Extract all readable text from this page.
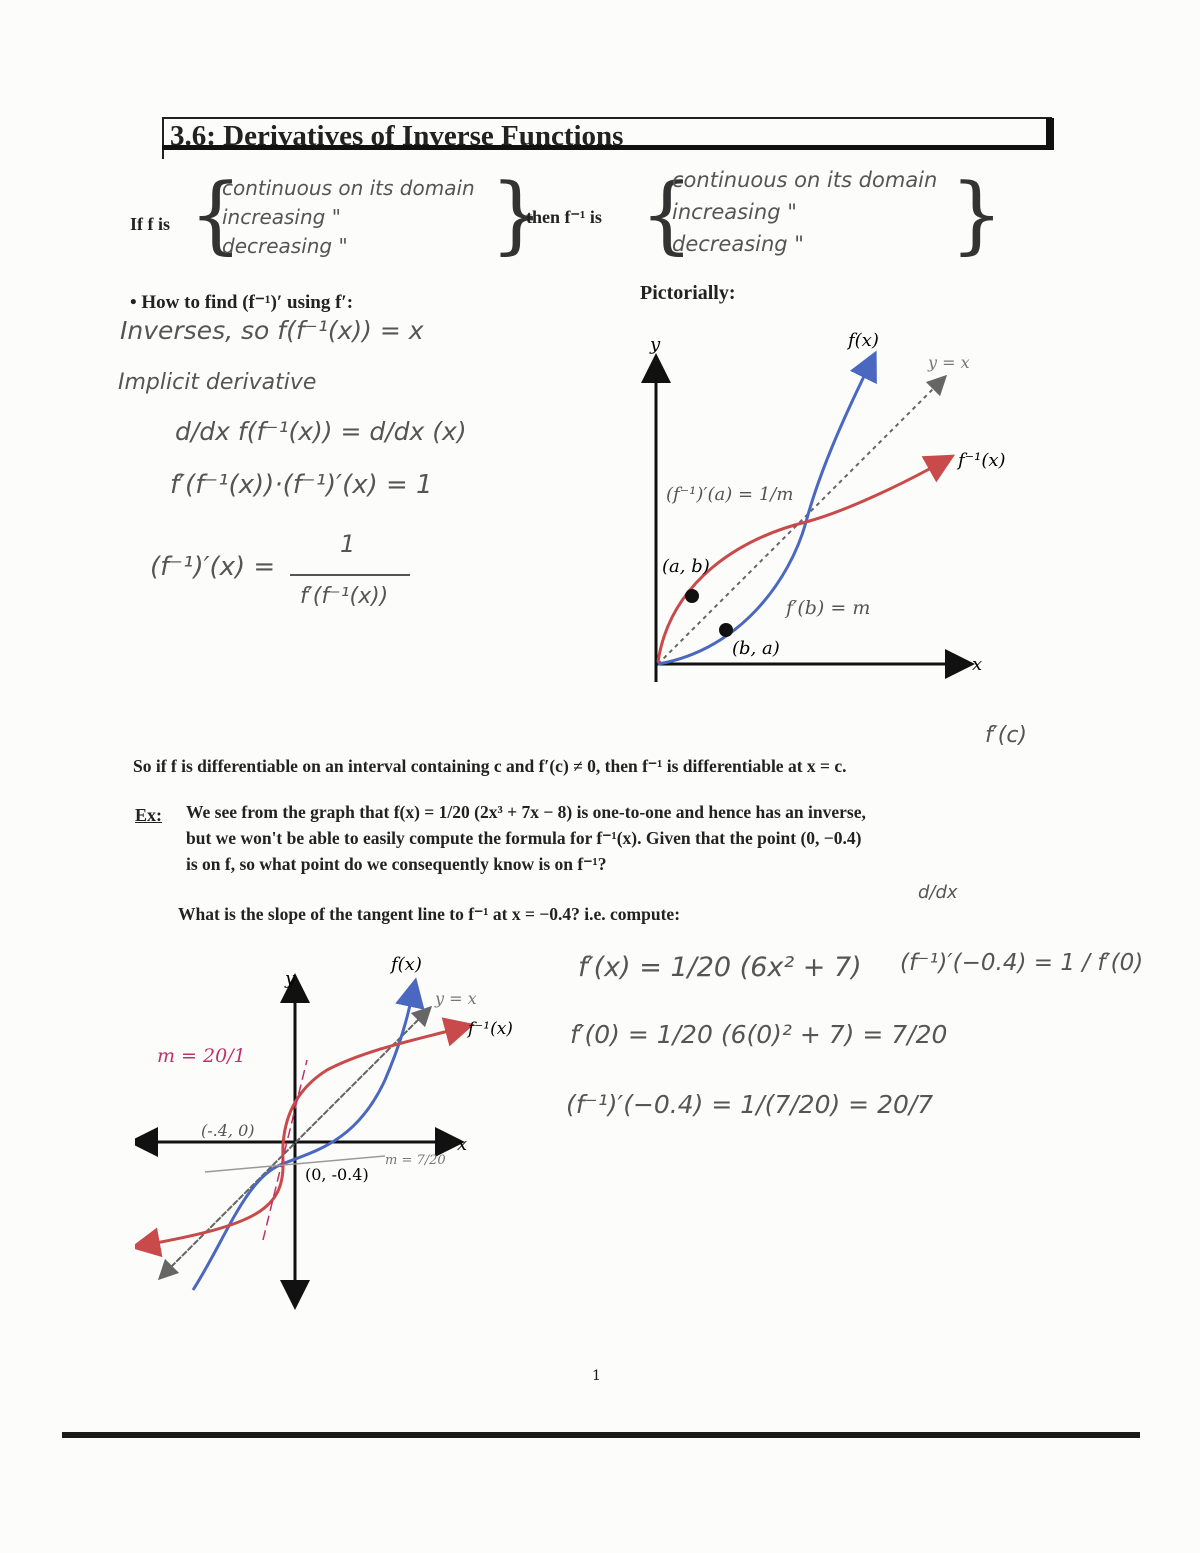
3.6: Derivatives of Inverse Functions
If f is {
continuous on its domain
increasing "
decreasing " }
then f⁻¹ is {
continuous on its domain
increasing "
decreasing " }
• How to find (f⁻¹)′ using f′:
Inverses, so f(f⁻¹(x)) = x
Implicit derivative
d/dx f(f⁻¹(x)) = d/dx (x)
f′(f⁻¹(x))·(f⁻¹)′(x) = 1
(f⁻¹)′(x) =
1
f′(f⁻¹(x))
Pictorially:
y
x
f(x)
y = x
f⁻¹(x)
(a, b)
(b, a)
(f⁻¹)′(a) = 1/m
f′(b) = m
f′(c)
So if f is differentiable on an interval containing c and f′(c) ≠ 0, then f⁻¹ is differentiable at x = c.
Ex: We see from the graph that f(x) = 1/20 (2x³ + 7x − 8) is one-to-one and hence has an inverse,
but we won't be able to easily compute the formula for f⁻¹(x). Given that the point (0, −0.4)
is on f, so what point do we consequently know is on f⁻¹?
What is the slope of the tangent line to f⁻¹ at x = −0.4? i.e. compute:
f′(x) = 1/20 (6x² + 7)
f′(0) = 1/20 (6(0)² + 7) = 7/20
(f⁻¹)′(−0.4) = 1/(7/20) = 20/7
d/dx
(f⁻¹)′(−0.4) = 1 / f′(0)
y
x
f(x)
y = x
f⁻¹(x)
(0, -0.4)
(-.4, 0)
m = 20/1
m = 7/20
1
